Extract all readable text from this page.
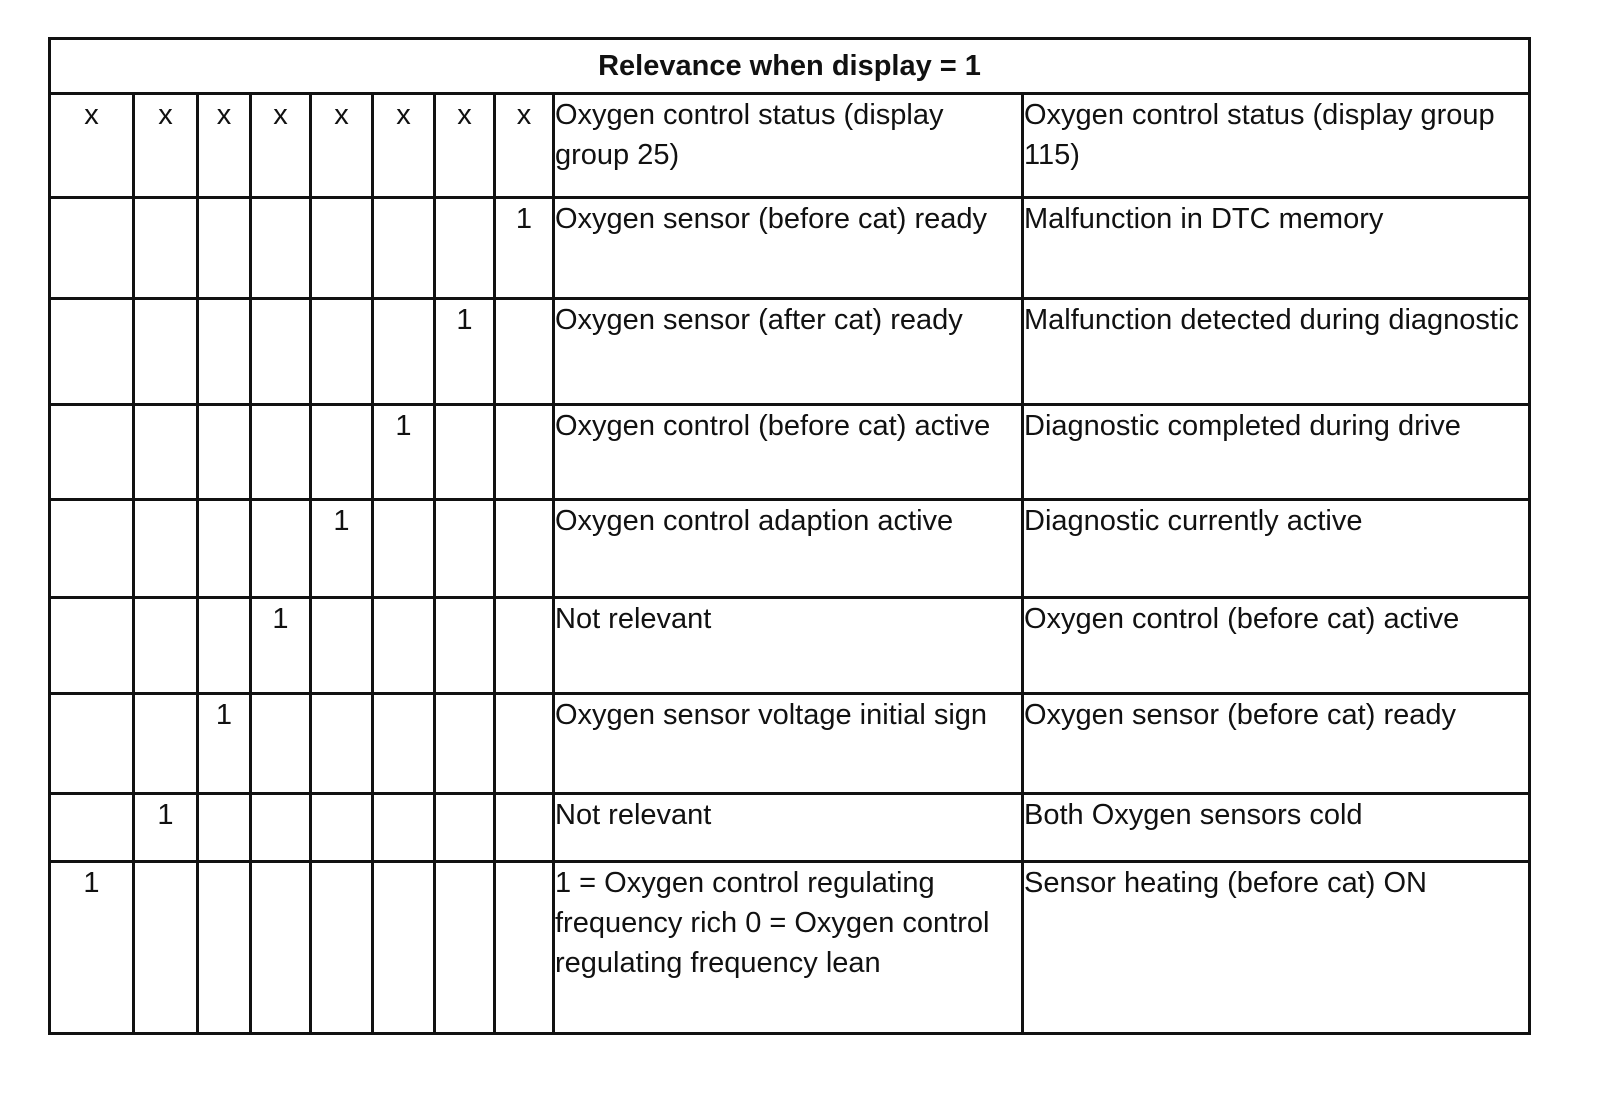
Relevance when display = 1									
x	x	x	x	x	x	x	x	Oxygen control status (display group 25)	Oxygen control status (display group 115)
							1	Oxygen sensor (before cat) ready	Malfunction in DTC memory
						1		Oxygen sensor (after cat) ready	Malfunction detected during diagnostic
					1			Oxygen control (before cat) active	Diagnostic completed during drive
				1				Oxygen control adaption active	Diagnostic currently active
			1					Not relevant	Oxygen control (before cat) active
		1						Oxygen sensor voltage initial sign	Oxygen sensor (before cat) ready
	1							Not relevant	Both Oxygen sensors cold
1								1 = Oxygen control regulating frequency rich 0 = Oxygen control regulating frequency lean	Sensor heating (before cat) ON
